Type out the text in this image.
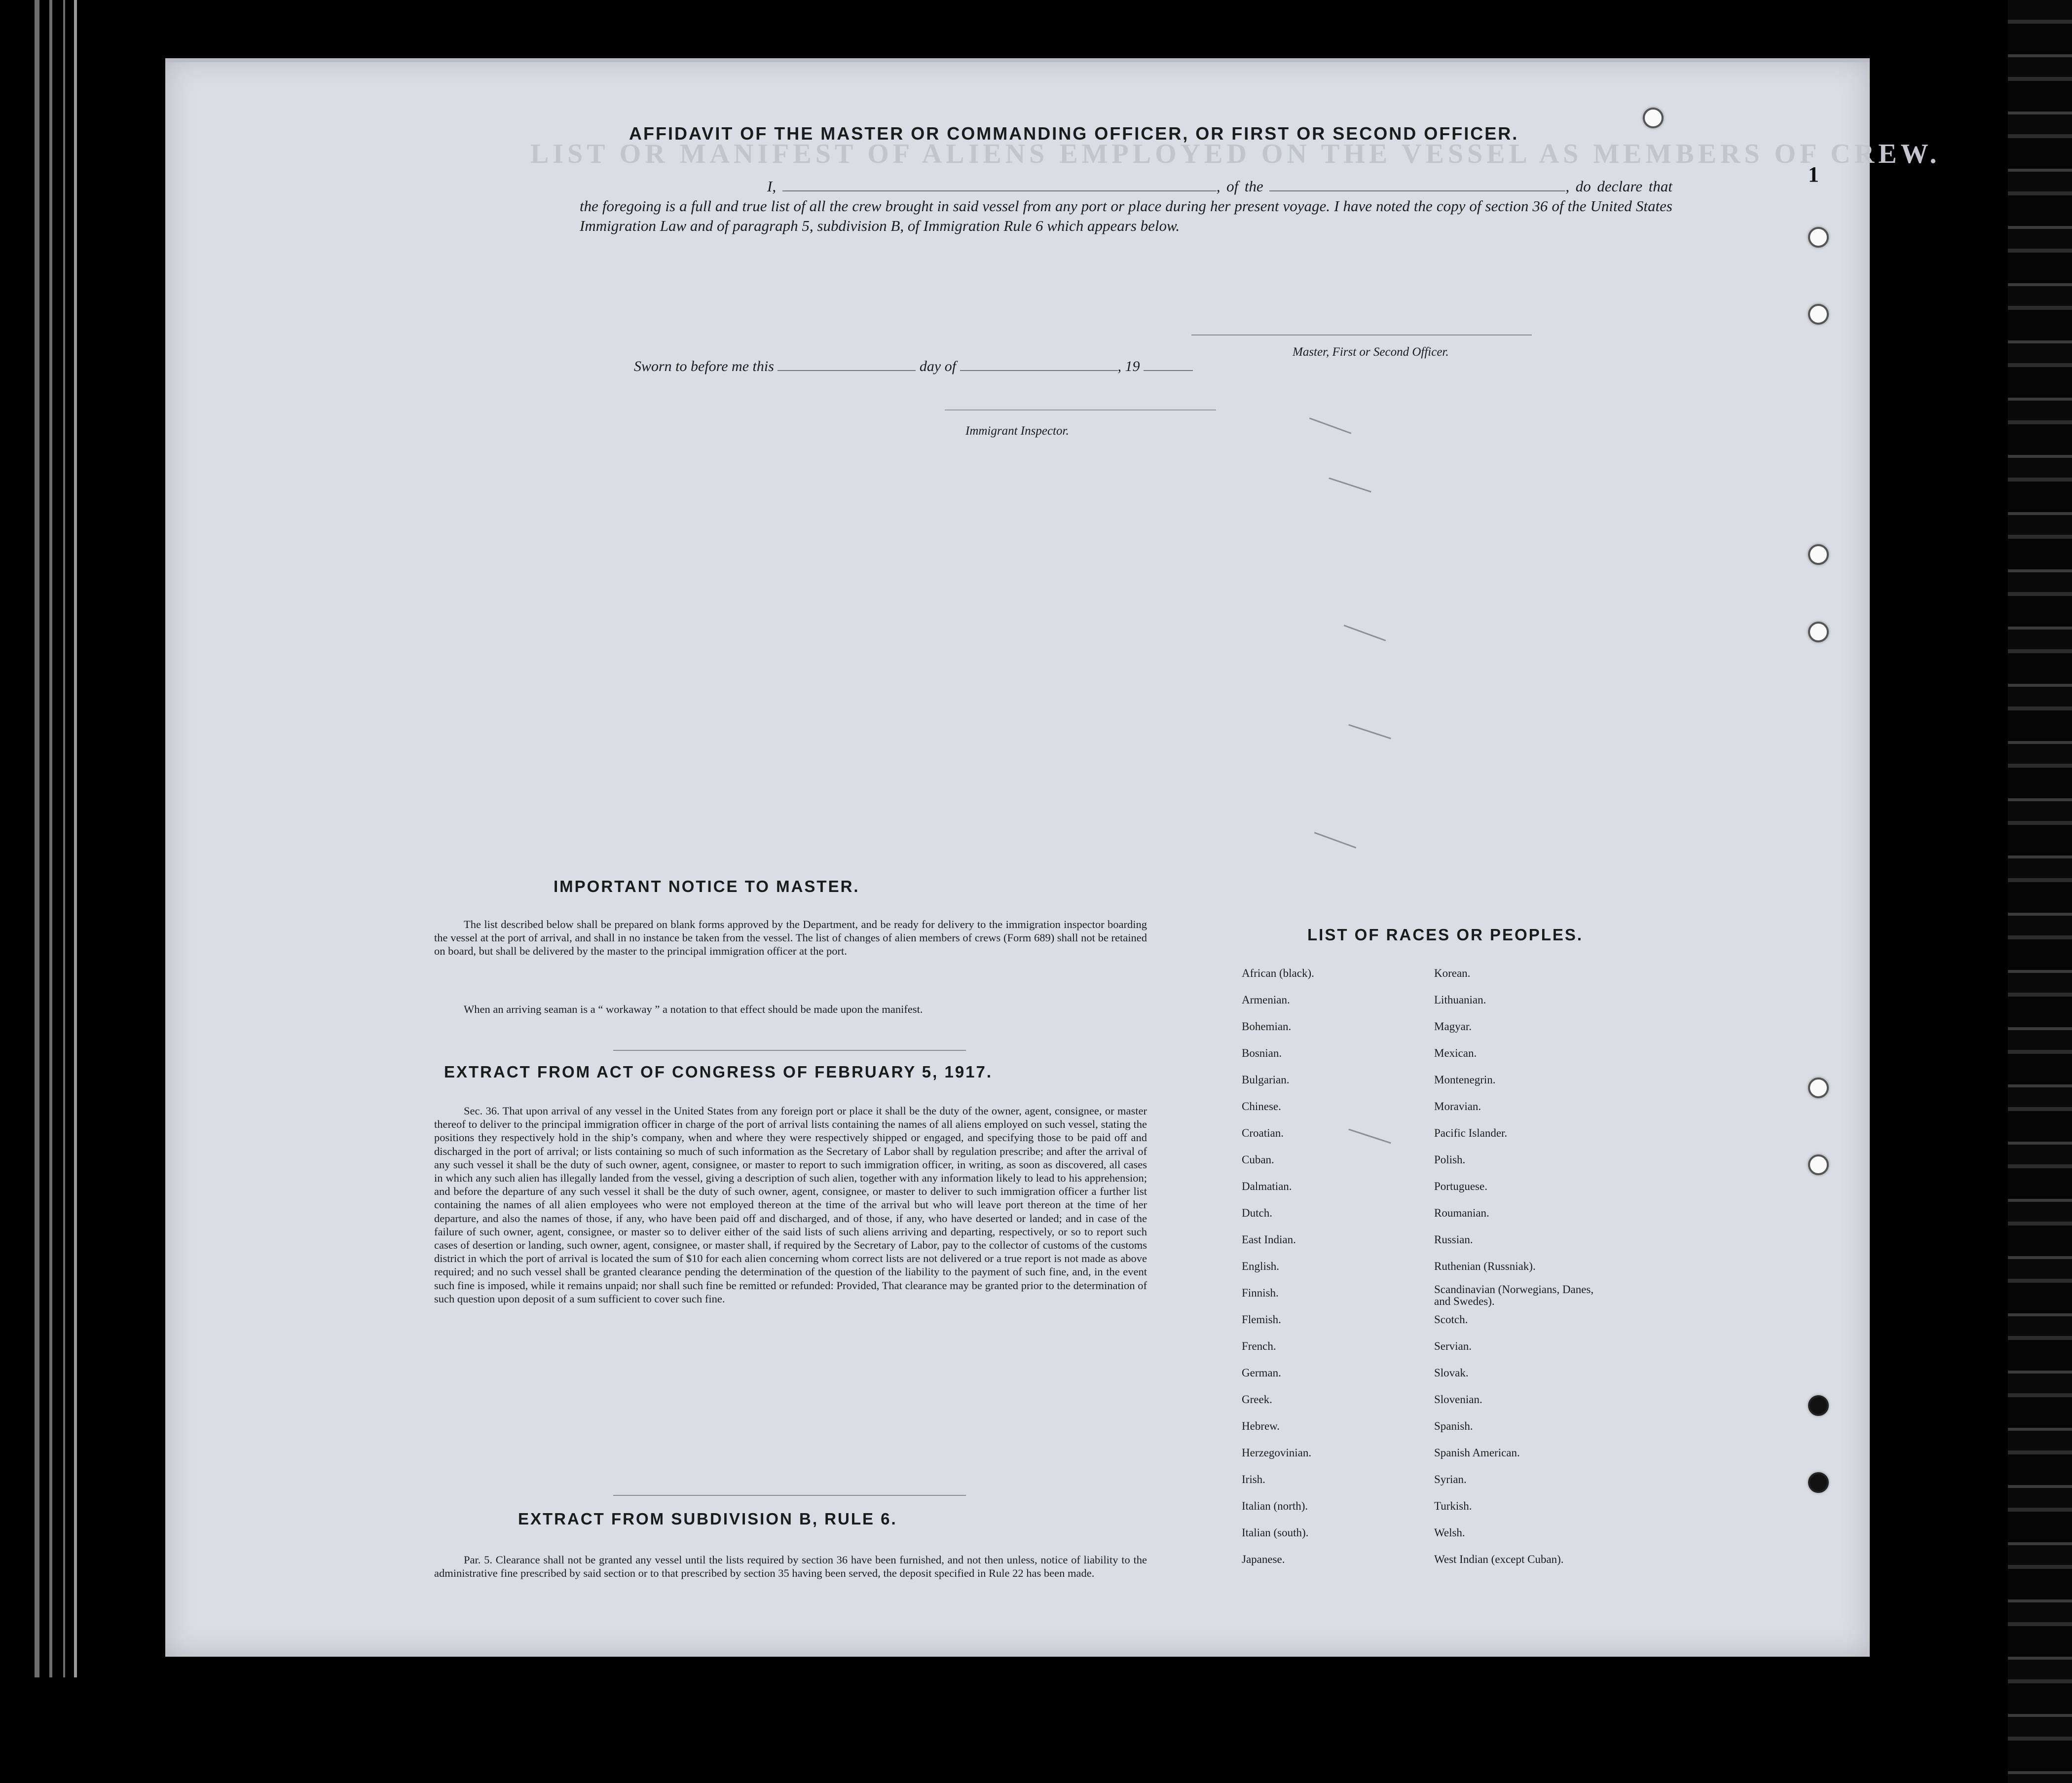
LIST OR MANIFEST OF ALIENS EMPLOYED ON THE VESSEL AS MEMBERS OF CREW.
1
AFFIDAVIT OF THE MASTER OR COMMANDING OFFICER, OR FIRST OR SECOND OFFICER.
I,	, of the	, do declare that the foregoing is a full and true list of all the crew brought in said vessel from any port or place during her present voyage. I have noted the copy of section 36 of the United States Immigration Law and of paragraph 5, subdivision B, of Immigration Rule 6 which appears below.
Master, First or Second Officer.
Sworn to before me this	day of	, 19
Immigrant Inspector.
IMPORTANT NOTICE TO MASTER.
The list described below shall be prepared on blank forms approved by the Department, and be ready for delivery to the immigration inspector boarding the vessel at the port of arrival, and shall in no instance be taken from the vessel. The list of changes of alien members of crews (Form 689) shall not be retained on board, but shall be delivered by the master to the principal immigration officer at the port.
When an arriving seaman is a “ workaway ” a notation to that effect should be made upon the manifest.
EXTRACT FROM ACT OF CONGRESS OF FEBRUARY 5, 1917.
Sec. 36. That upon arrival of any vessel in the United States from any foreign port or place it shall be the duty of the owner, agent, consignee, or master thereof to deliver to the principal immigration officer in charge of the port of arrival lists containing the names of all aliens employed on such vessel, stating the positions they respectively hold in the ship’s company, when and where they were respectively shipped or engaged, and specifying those to be paid off and discharged in the port of arrival; or lists containing so much of such information as the Secretary of Labor shall by regulation prescribe; and after the arrival of any such vessel it shall be the duty of such owner, agent, consignee, or master to report to such immigration officer, in writing, as soon as discovered, all cases in which any such alien has illegally landed from the vessel, giving a description of such alien, together with any information likely to lead to his apprehension; and before the departure of any such vessel it shall be the duty of such owner, agent, consignee, or master to deliver to such immigration officer a further list containing the names of all alien employees who were not employed thereon at the time of the arrival but who will leave port thereon at the time of her departure, and also the names of those, if any, who have been paid off and discharged, and of those, if any, who have deserted or landed; and in case of the failure of such owner, agent, consignee, or master so to deliver either of the said lists of such aliens arriving and departing, respectively, or so to report such cases of desertion or landing, such owner, agent, consignee, or master shall, if required by the Secretary of Labor, pay to the collector of customs of the customs district in which the port of arrival is located the sum of $10 for each alien concerning whom correct lists are not delivered or a true report is not made as above required; and no such vessel shall be granted clearance pending the determination of the question of the liability to the payment of such fine, and, in the event such fine is imposed, while it remains unpaid; nor shall such fine be remitted or refunded: Provided, That clearance may be granted prior to the determination of such question upon deposit of a sum sufficient to cover such fine.
EXTRACT FROM SUBDIVISION B, RULE 6.
Par. 5. Clearance shall not be granted any vessel until the lists required by section 36 have been furnished, and not then unless, notice of liability to the administrative fine prescribed by said section or to that prescribed by section 35 having been served, the deposit specified in Rule 22 has been made.
LIST OF RACES OR PEOPLES.
African (black).
Armenian.
Bohemian.
Bosnian.
Bulgarian.
Chinese.
Croatian.
Cuban.
Dalmatian.
Dutch.
East Indian.
English.
Finnish.
Flemish.
French.
German.
Greek.
Hebrew.
Herzegovinian.
Irish.
Italian (north).
Italian (south).
Japanese.
Korean.
Lithuanian.
Magyar.
Mexican.
Montenegrin.
Moravian.
Pacific Islander.
Polish.
Portuguese.
Roumanian.
Russian.
Ruthenian (Russniak).
Scandinavian (Norwegians, Danes, and Swedes).
Scotch.
Servian.
Slovak.
Slovenian.
Spanish.
Spanish American.
Syrian.
Turkish.
Welsh.
West Indian (except Cuban).
